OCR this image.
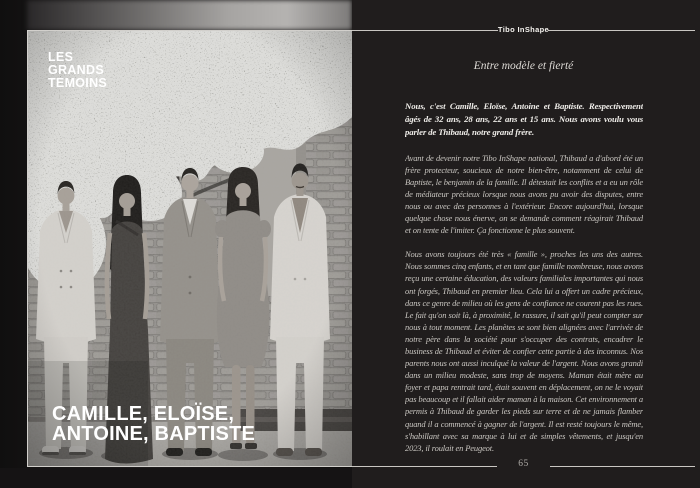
LES
GRANDS
TEMOINS
CAMILLE, ELOÏSE,
ANTOINE, BAPTISTE
Tibo InShape
Entre modèle et fierté

Nous, c'est Camille, Eloïse, Antoine et Baptiste. Respectivement âgés de 32 ans, 28 ans, 22 ans et 15 ans. Nous avons voulu vous parler de Thibaud, notre grand frère.

Avant de devenir notre Tibo InShape national, Thibaud a d'abord été un frère protecteur, soucieux de notre bien-être, notamment de celui de Baptiste, le benjamin de la famille. Il détestait les conflits et a eu un rôle de médiateur précieux lorsque nous avons pu avoir des disputes, entre nous ou avec des personnes à l'extérieur. Encore aujourd'hui, lorsque quelque chose nous énerve, on se demande comment réagirait Thibaud et on tente de l'imiter. Ça fonctionne le plus souvent.

Nous avons toujours été très « famille », proches les uns des autres. Nous sommes cinq enfants, et en tant que famille nombreuse, nous avons reçu une certaine éducation, des valeurs familiales importantes qui nous ont forgés, Thibaud en premier lieu. Cela lui a offert un cadre précieux, dans ce genre de milieu où les gens de confiance ne courent pas les rues. Le fait qu'on soit là, à proximité, le rassure, il sait qu'il peut compter sur nous à tout moment. Les planètes se sont bien alignées avec l'arrivée de notre père dans la société pour s'occuper des contrats, encadrer le business de Thibaud et éviter de confier cette partie à des inconnus. Nos parents nous ont aussi inculqué la valeur de l'argent. Nous avons grandi dans un milieu modeste, sans trop de moyens. Maman était mère au foyer et papa rentrait tard, était souvent en déplacement, on ne le voyait pas beaucoup et il fallait aider maman à la maison. Cet environnement a permis à Thibaud de garder les pieds sur terre et de ne jamais flamber quand il a commencé à gagner de l'argent. Il est resté toujours le même, s'habillant avec sa marque à lui et de simples vêtements, et jusqu'en 2023, il roulait en Peugeot.

65
